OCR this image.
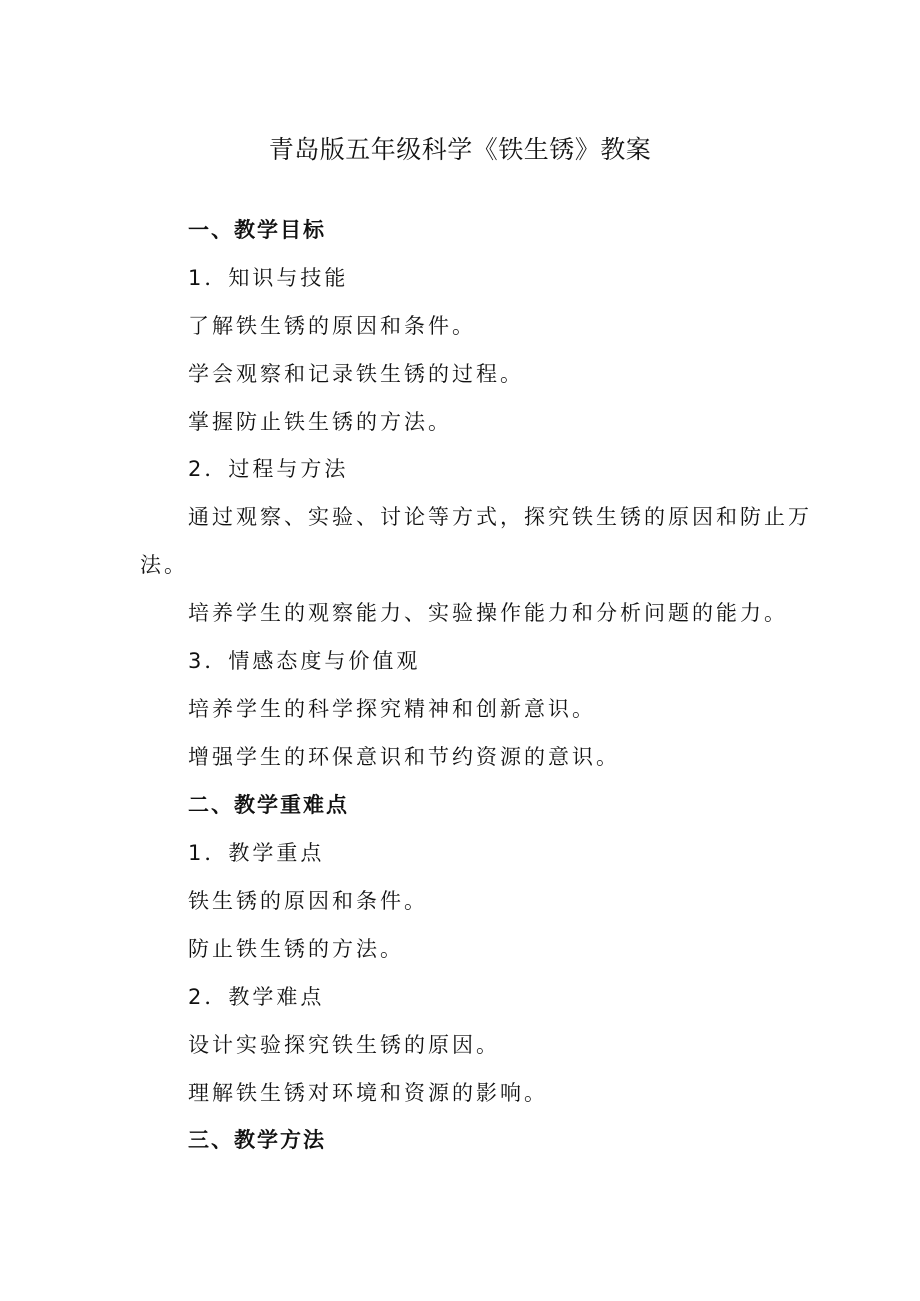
青岛版五年级科学《铁生锈》教案
一、教学目标
1．知识与技能
了解铁生锈的原因和条件。
学会观察和记录铁生锈的过程。
掌握防止铁生锈的方法。
2．过程与方法
通过观察、实验、讨论等方式，探究铁生锈的原因和防止万
法。
培养学生的观察能力、实验操作能力和分析问题的能力。
3．情感态度与价值观
培养学生的科学探究精神和创新意识。
增强学生的环保意识和节约资源的意识。
二、教学重难点
1．教学重点
铁生锈的原因和条件。
防止铁生锈的方法。
2．教学难点
设计实验探究铁生锈的原因。
理解铁生锈对环境和资源的影响。
三、教学方法
